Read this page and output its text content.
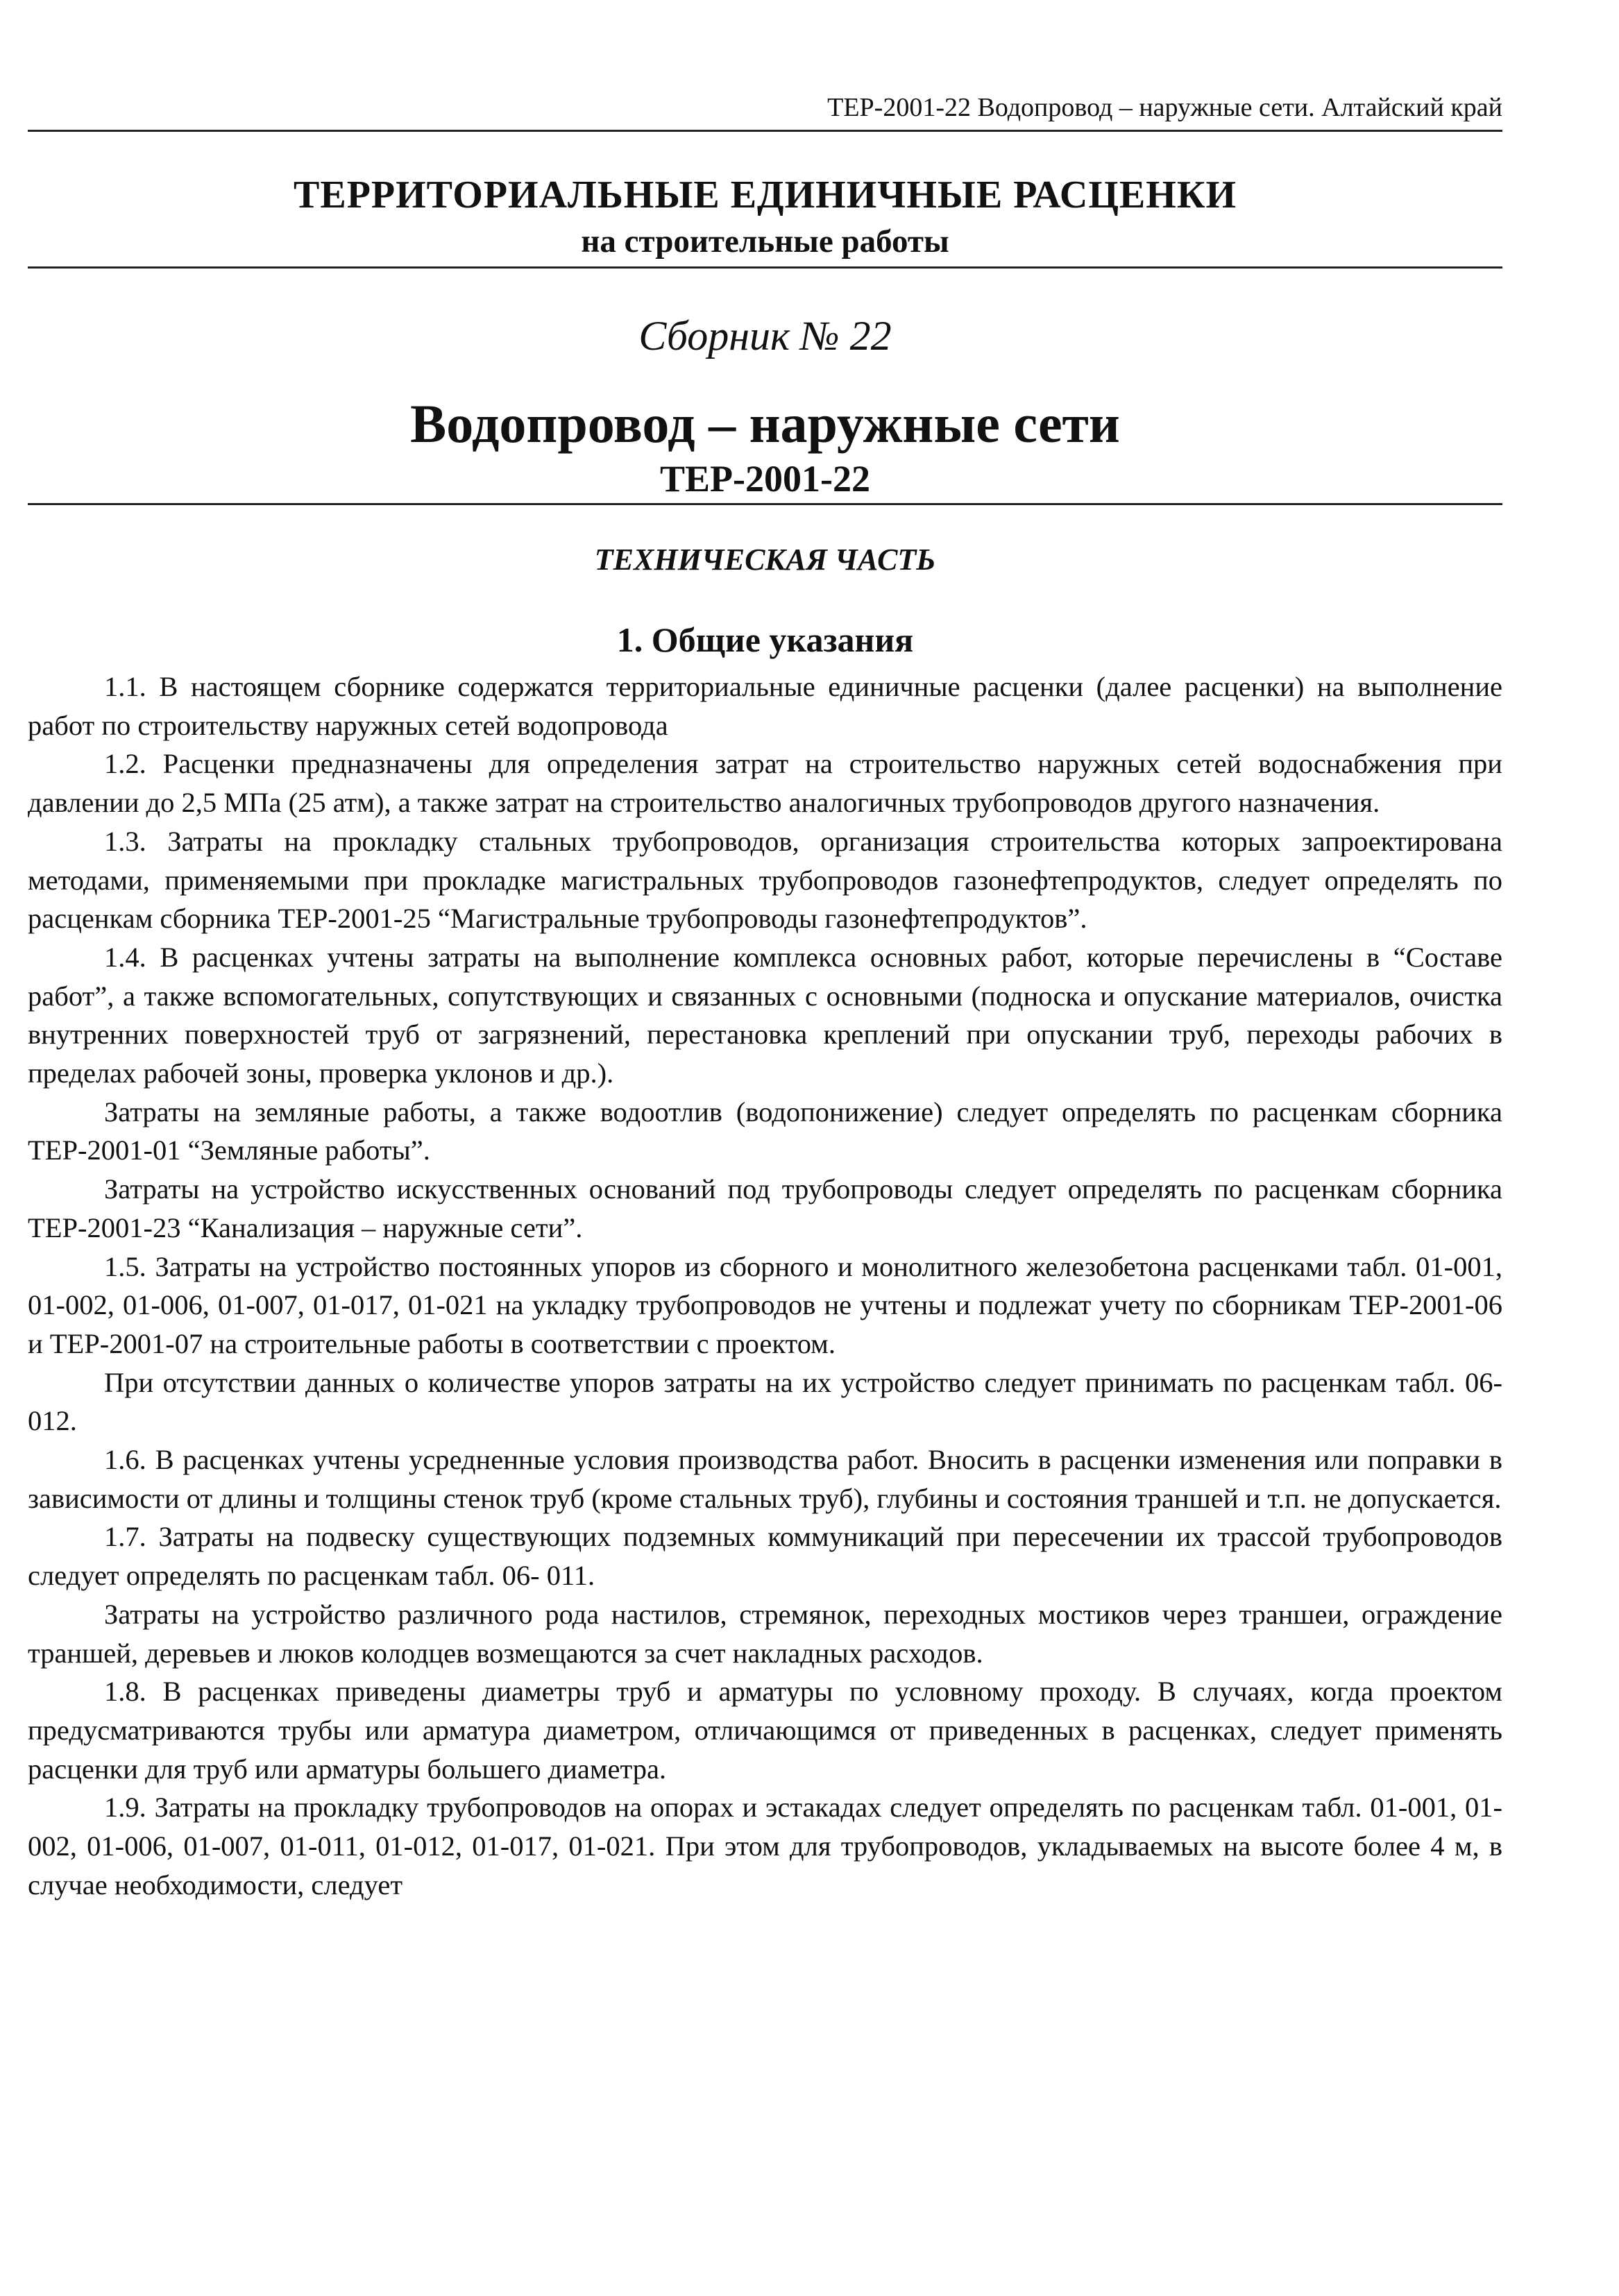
ТЕР-2001-22 Водопровод – наружные сети. Алтайский край
ТЕРРИТОРИАЛЬНЫЕ ЕДИНИЧНЫЕ РАСЦЕНКИ
на строительные работы
Сборник № 22
Водопровод – наружные сети
ТЕР-2001-22
ТЕХНИЧЕСКАЯ ЧАСТЬ
1. Общие указания

1.1. В настоящем сборнике содержатся территориальные единичные расценки (далее расценки) на выполнение работ по строительству наружных сетей водопровода

1.2. Расценки предназначены для определения затрат на строительство наружных сетей водоснабжения при давлении до 2,5 МПа (25 атм), а также затрат на строительство аналогичных трубопроводов другого назначения.

1.3. Затраты на прокладку стальных трубопроводов, организация строительства которых запроектирована методами, применяемыми при прокладке магистральных трубопроводов газонефтепродуктов, следует определять по расценкам сборника ТЕР-2001-25 “Магистральные трубопроводы газонефтепродуктов”.

1.4. В расценках учтены затраты на выполнение комплекса основных работ, которые перечислены в “Составе работ”, а также вспомогательных, сопутствующих и связанных с основными (подноска и опускание материалов, очистка внутренних поверхностей труб от загрязнений, перестановка креплений при опускании труб, переходы рабочих в пределах рабочей зоны, проверка уклонов и др.).

Затраты на земляные работы, а также водоотлив (водопонижение) следует определять по расценкам сборника ТЕР-2001-01 “Земляные работы”.

Затраты на устройство искусственных оснований под трубопроводы следует определять по расценкам сборника ТЕР-2001-23 “Канализация – наружные сети”.

1.5. Затраты на устройство постоянных упоров из сборного и монолитного железобетона расценками табл. 01-001, 01-002, 01-006, 01-007, 01-017, 01-021 на укладку трубопроводов не учтены и подлежат учету по сборникам ТЕР-2001-06 и ТЕР-2001-07 на строительные работы в соответствии с проектом.

При отсутствии данных о количестве упоров затраты на их устройство следует принимать по расценкам табл. 06-012.

1.6. В расценках учтены усредненные условия производства работ. Вносить в расценки изменения или поправки в зависимости от длины и толщины стенок труб (кроме стальных труб), глубины и состояния траншей и т.п. не допускается.

1.7. Затраты на подвеску существующих подземных коммуникаций при пересечении их трассой трубопроводов следует определять по расценкам табл. 06- 011.

Затраты на устройство различного рода настилов, стремянок, переходных мостиков через траншеи, ограждение траншей, деревьев и люков колодцев возмещаются за счет накладных расходов.

1.8. В расценках приведены диаметры труб и арматуры по условному проходу. В случаях, когда проектом предусматриваются трубы или арматура диаметром, отличающимся от приведенных в расценках, следует применять расценки для труб или арматуры большего диаметра.

1.9. Затраты на прокладку трубопроводов на опорах и эстакадах следует определять по расценкам табл. 01-001, 01-002, 01-006, 01-007, 01-011, 01-012, 01-017, 01-021. При этом для трубопроводов, укладываемых на высоте более 4 м, в случае необходимости, следует
